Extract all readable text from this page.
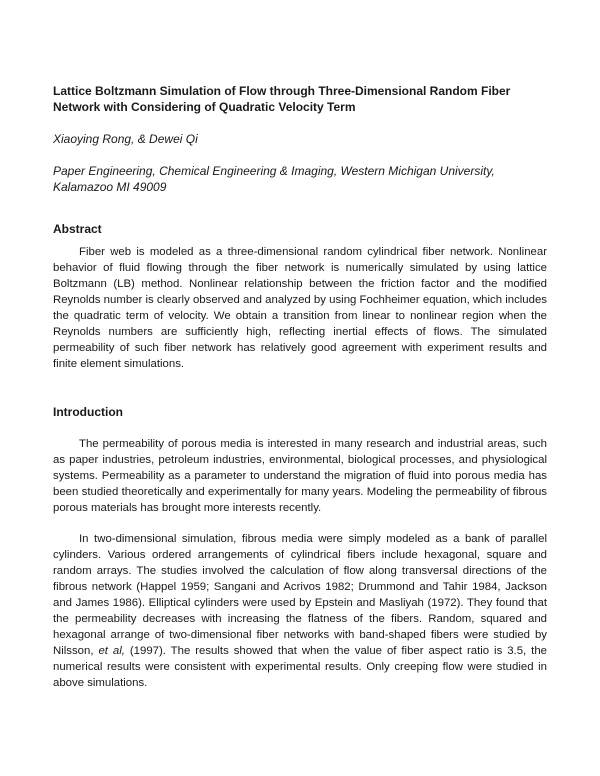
Lattice Boltzmann Simulation of Flow through Three-Dimensional Random Fiber Network with Considering of Quadratic Velocity Term

Xiaoying Rong, & Dewei Qi

Paper Engineering, Chemical Engineering & Imaging, Western Michigan University, Kalamazoo MI 49009

Abstract

Fiber web is modeled as a three-dimensional random cylindrical fiber network. Nonlinear behavior of fluid flowing through the fiber network is numerically simulated by using lattice Boltzmann (LB) method. Nonlinear relationship between the friction factor and the modified Reynolds number is clearly observed and analyzed by using Fochheimer equation, which includes the quadratic term of velocity. We obtain a transition from linear to nonlinear region when the Reynolds numbers are sufficiently high, reflecting inertial effects of flows. The simulated permeability of such fiber network has relatively good agreement with experiment results and finite element simulations.

Introduction

The permeability of porous media is interested in many research and industrial areas, such as paper industries, petroleum industries, environmental, biological processes, and physiological systems. Permeability as a parameter to understand the migration of fluid into porous media has been studied theoretically and experimentally for many years. Modeling the permeability of fibrous porous materials has brought more interests recently.

In two-dimensional simulation, fibrous media were simply modeled as a bank of parallel cylinders. Various ordered arrangements of cylindrical fibers include hexagonal, square and random arrays. The studies involved the calculation of flow along transversal directions of the fibrous network (Happel 1959; Sangani and Acrivos 1982; Drummond and Tahir 1984, Jackson and James 1986). Elliptical cylinders were used by Epstein and Masliyah (1972). They found that the permeability decreases with increasing the flatness of the fibers. Random, squared and hexagonal arrange of two-dimensional fiber networks with band-shaped fibers were studied by Nilsson, et al, (1997). The results showed that when the value of fiber aspect ratio is 3.5, the numerical results were consistent with experimental results. Only creeping flow were studied in above simulations.
